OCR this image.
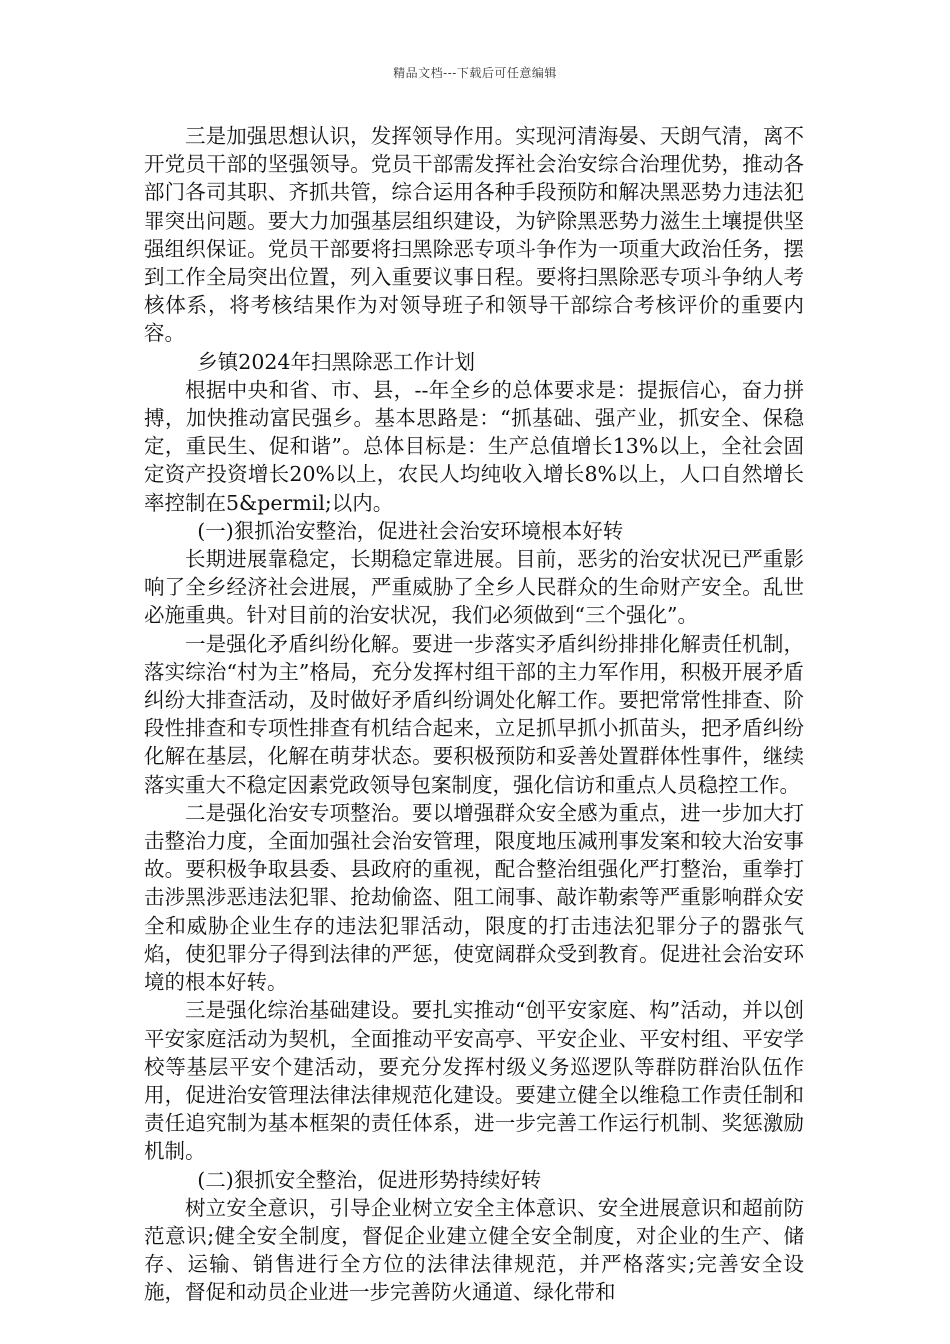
精品文档---下载后可任意编辑

三是加强思想认识，发挥领导作用。实现河清海晏、天朗气清，离不开党员干部的坚强领导。党员干部需发挥社会治安综合治理优势，推动各部门各司其职、齐抓共管，综合运用各种手段预防和解决黑恶势力违法犯罪突出问题。要大力加强基层组织建设，为铲除黑恶势力滋生土壤提供坚强组织保证。党员干部要将扫黑除恶专项斗争作为一项重大政治任务，摆到工作全局突出位置，列入重要议事日程。要将扫黑除恶专项斗争纳人考核体系，将考核结果作为对领导班子和领导干部综合考核评价的重要内容。

乡镇2024年扫黑除恶工作计划

根据中央和省、市、县，--年全乡的总体要求是：提振信心，奋力拼搏，加快推动富民强乡。基本思路是：“抓基础、强产业，抓安全、保稳定，重民生、促和谐”。总体目标是：生产总值增长13%以上，全社会固定资产投资增长20%以上，农民人均纯收入增长8%以上，人口自然增长率控制在5&permil;以内。

(一)狠抓治安整治，促进社会治安环境根本好转

长期进展靠稳定，长期稳定靠进展。目前，恶劣的治安状况已严重影响了全乡经济社会进展，严重威胁了全乡人民群众的生命财产安全。乱世必施重典。针对目前的治安状况，我们必须做到“三个强化”。

一是强化矛盾纠纷化解。要进一步落实矛盾纠纷排排化解责任机制，落实综治“村为主”格局，充分发挥村组干部的主力军作用，积极开展矛盾纠纷大排查活动，及时做好矛盾纠纷调处化解工作。要把常常性排查、阶段性排查和专项性排查有机结合起来，立足抓早抓小抓苗头，把矛盾纠纷化解在基层，化解在萌芽状态。要积极预防和妥善处置群体性事件，继续落实重大不稳定因素党政领导包案制度，强化信访和重点人员稳控工作。

二是强化治安专项整治。要以增强群众安全感为重点，进一步加大打击整治力度，全面加强社会治安管理，限度地压减刑事发案和较大治安事故。要积极争取县委、县政府的重视，配合整治组强化严打整治，重拳打击涉黑涉恶违法犯罪、抢劫偷盗、阻工闹事、敲诈勒索等严重影响群众安全和威胁企业生存的违法犯罪活动，限度的打击违法犯罪分子的嚣张气焰，使犯罪分子得到法律的严惩，使宽阔群众受到教育。促进社会治安环境的根本好转。

三是强化综治基础建设。要扎实推动“创平安家庭、构”活动，并以创平安家庭活动为契机，全面推动平安高亭、平安企业、平安村组、平安学校等基层平安个建活动，要充分发挥村级义务巡逻队等群防群治队伍作用，促进治安管理法律法律规范化建设。要建立健全以维稳工作责任制和责任追究制为基本框架的责任体系，进一步完善工作运行机制、奖惩激励机制。

(二)狠抓安全整治，促进形势持续好转

树立安全意识，引导企业树立安全主体意识、安全进展意识和超前防范意识;健全安全制度，督促企业建立健全安全制度，对企业的生产、储存、运输、销售进行全方位的法律法律规范，并严格落实;完善安全设施，督促和动员企业进一步完善防火通道、绿化带和
